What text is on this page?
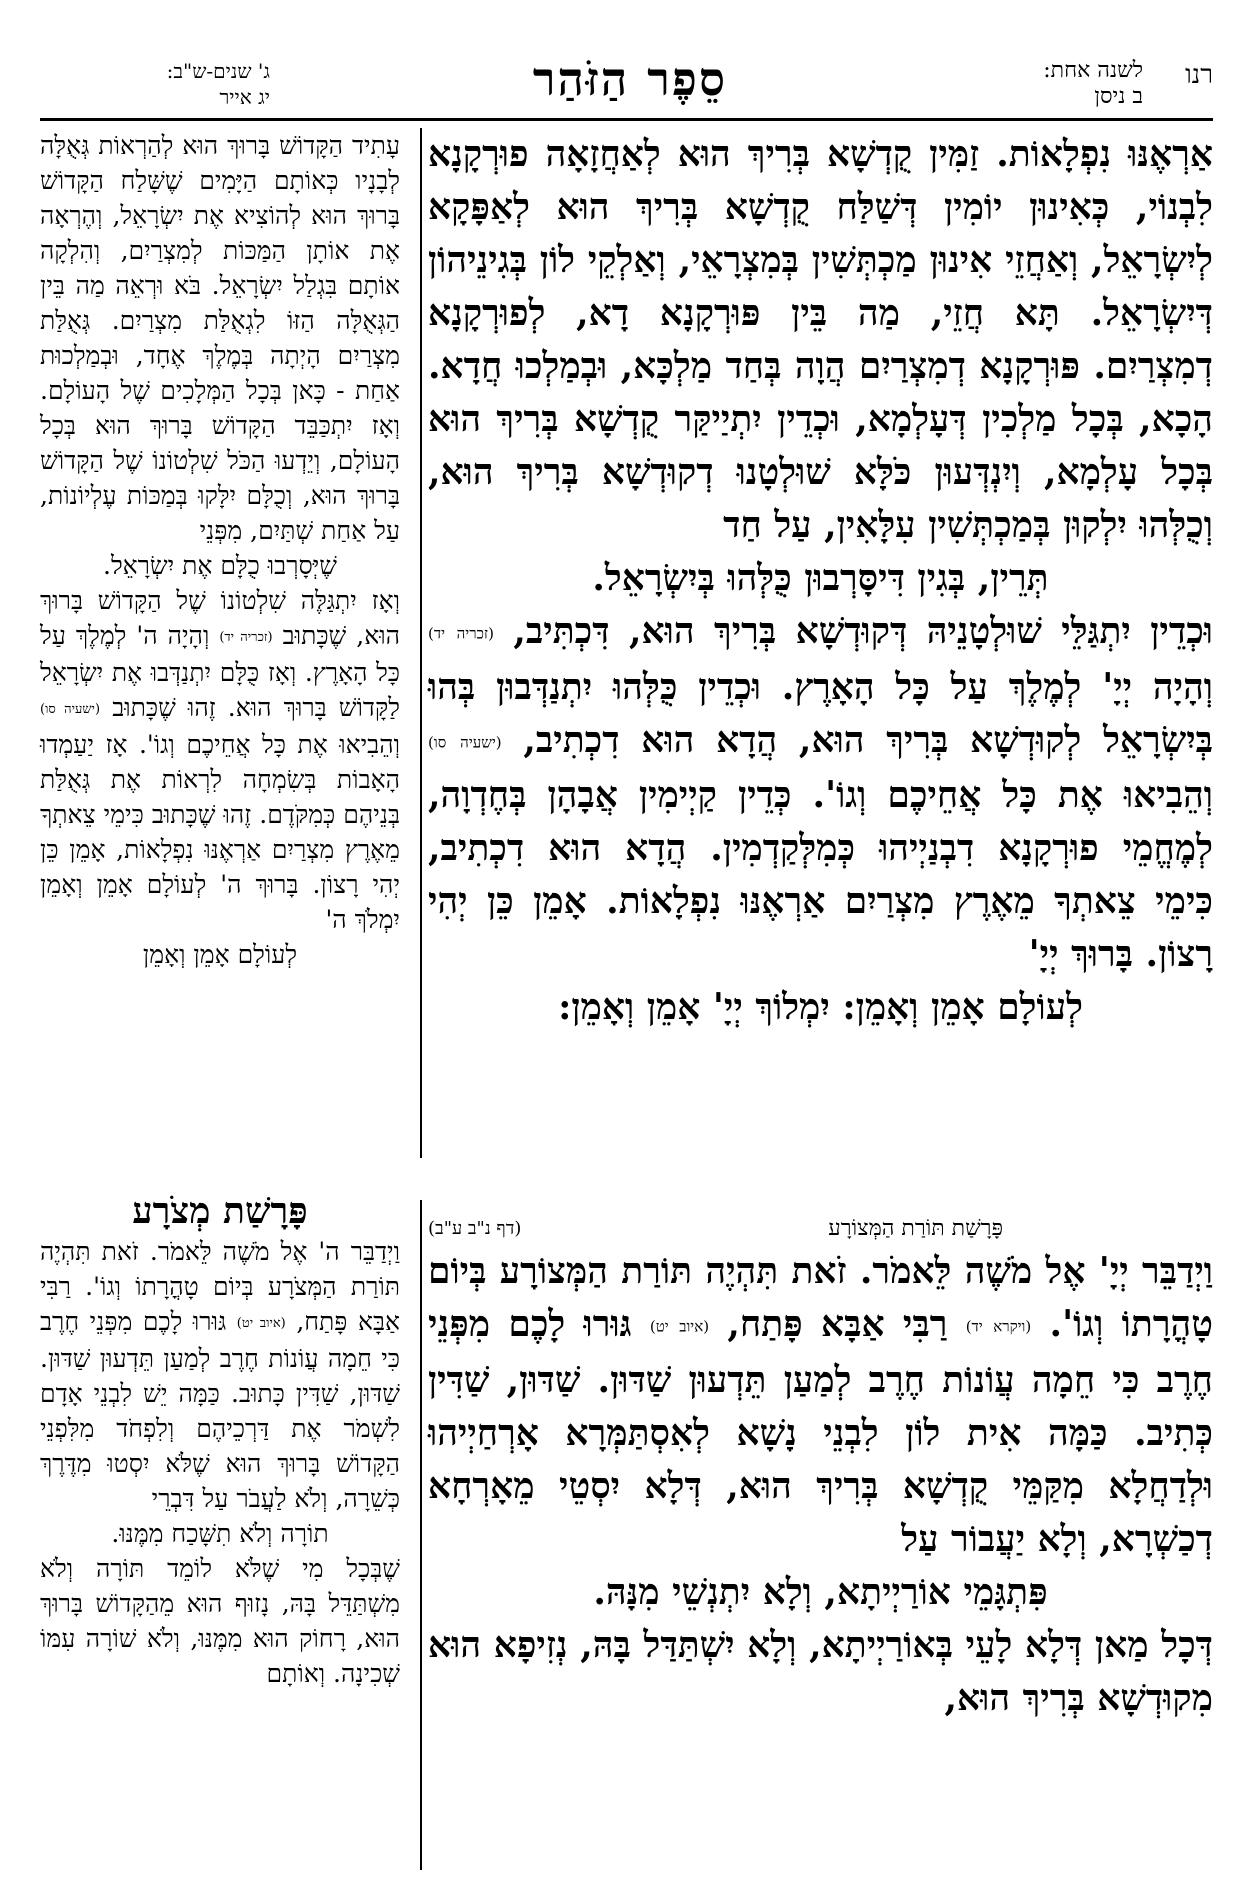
רנו
לשנה אחת:
ב ניסן
סֵפֶר הַזֹּהַר
ג' שנים-ש"ב:
יג אייר

אַרְאֶנּוּ נִפְלָאוֹת. זַמִּין קֻדְשָׁא בְּרִיךְ הוּא לְאַחֲזָאָה פוּרְקָנָא לִבְנוֹי, כְּאִינוּן יוֹמִין דְּשַׁלַּח קֻדְשָׁא בְּרִיךְ הוּא לְאַפָּקָא לְיִשְׂרָאֵל, וְאַחֲזֵי אִינוּן מַכְתְּשִׁין בְּמִצְרָאֵי, וְאַלְקֵי לוֹן בְּגִינֵיהוֹן דְּיִשְׂרָאֵל. תָּא חֲזֵי, מַה בֵּין פּוּרְקָנָא דָא, לְפוּרְקָנָא דְמִצְרַיִם. פּוּרְקָנָא דְמִצְרַיִם הֲוָה בְּחַד מַלְכָּא, וּבְמַלְכוּ חֲדָא. הָכָא, בְּכָל מַלְכִין דְּעָלְמָא, וּכְדֵין יִתְיַיקַּר קֻדְשָׁא בְּרִיךְ הוּא בְּכָל עָלְמָא, וְיִנְדְּעוּן כֹּלָּא שׁוּלְטָנוּ דְקוּדְשָׁא בְּרִיךְ הוּא, וְכֻלְּהוּ יִלְקוּן בְּמַכְתְּשִׁין עִלָּאִין, עַל חַד

תְּרֵין, בְּגִין דִּיסָּרְבוּן כֻּלְּהוּ בְּיִשְׂרָאֵל.

וּכְדֵין יִתְגַּלֵּי שׁוּלְטָנֵיהּ דְּקוּדְשָׁא בְּרִיךְ הוּא, דִּכְתִּיב, (זכריה יד) וְהָיָה יְיָ' לְמֶלֶךְ עַל כָּל הָאָרֶץ. וּכְדֵין כֻּלְּהוּ יִתְנַדְּבוּן בְּהוּ בְּיִשְׂרָאֵל לְקוּדְשָׁא בְּרִיךְ הוּא, הֲדָא הוּא דִכְתִיב, (ישעיה סו) וְהֵבִיאוּ אֶת כָּל אֲחֵיכֶם וְגוֹ'. כְּדֵין קַיְימִין אֲבָהָן בְּחֶדְוָה, לְמֶחֱמֵי פוּרְקָנָא דִבְנַיְיהוּ כְּמִלְּקַדְמִין. הֲדָא הוּא דִכְתִיב, כִּימֵי צֵאתְךָ מֵאֶרֶץ מִצְרַיִם אַרְאֶנּוּ נִפְלָאוֹת. אָמֵן כֵּן יְהִי רָצוֹן. בָּרוּךְ יְיָ'

לְעוֹלָם אָמֵן וְאָמֵן: יִמְלוֹךְ יְיָ' אָמֵן וְאָמֵן:

עָתִיד הַקָּדוֹשׁ בָּרוּךְ הוּא לְהַרְאוֹת גְּאֻלָּה לְבָנָיו כְּאוֹתָם הַיָּמִים שֶׁשָּׁלַח הַקָּדוֹשׁ בָּרוּךְ הוּא לְהוֹצִיא אֶת יִשְׂרָאֵל, וְהֶרְאָה אֶת אוֹתָן הַמַּכּוֹת לְמִצְרַיִם, וְהִלְקָה אוֹתָם בִּגְלַל יִשְׂרָאֵל. בֹּא וּרְאֵה מַה בֵּין הַגְּאֻלָּה הַזּוֹ לִגְאֻלַּת מִצְרַיִם. גְּאֻלַּת מִצְרַיִם הָיְתָה בְּמֶלֶךְ אֶחָד, וּבְמַלְכוּת אַחַת - כָּאן בְּכָל הַמְּלָכִים שֶׁל הָעוֹלָם. וְאָז יִתְכַּבֵּד הַקָּדוֹשׁ בָּרוּךְ הוּא בְּכָל הָעוֹלָם, וְיֵדְעוּ הַכֹּל שִׁלְטוֹנוֹ שֶׁל הַקָּדוֹשׁ בָּרוּךְ הוּא, וְכֻלָּם יִלָּקוּ בְּמַכּוֹת עֶלְיוֹנוֹת, עַל אַחַת שְׁתַּיִם, מִפְּנֵי

שֶׁיְּסָרְבוּ כֻלָּם אֶת יִשְׂרָאֵל.

וְאָז יִתְגַּלֶּה שִׁלְטוֹנוֹ שֶׁל הַקָּדוֹשׁ בָּרוּךְ הוּא, שֶׁכָּתוּב (זכריה יד) וְהָיָה ה' לְמֶלֶךְ עַל כָּל הָאָרֶץ. וְאָז כֻּלָּם יִתְנַדְּבוּ אֶת יִשְׂרָאֵל לַקָּדוֹשׁ בָּרוּךְ הוּא. זֶהוּ שֶׁכָּתוּב (ישעיה סו) וְהֵבִיאוּ אֶת כָּל אֲחֵיכֶם וְגוֹ'. אָז יַעַמְדוּ הָאָבוֹת בְּשִׂמְחָה לִרְאוֹת אֶת גְּאֻלַּת בְּנֵיהֶם כְּמִקֹּדֶם. זֶהוּ שֶׁכָּתוּב כִּימֵי צֵאתְךָ מֵאֶרֶץ מִצְרַיִם אַרְאֶנּוּ נִפְלָאוֹת, אָמֵן כֵּן יְהִי רָצוֹן. בָּרוּךְ ה' לְעוֹלָם אָמֵן וְאָמֵן יִמְלֹךְ ה'

לְעוֹלָם אָמֵן וְאָמֵן

פָּרָשַׁת תּוֹרַת הַמְּצוֹרָע
(דף נ"ב ע"ב)

וַיְדַבֵּר יְיָ' אֶל מֹשֶׁה לֵּאמֹר. זֹאת תִּהְיֶה תּוֹרַת הַמְּצוֹרָע בְּיוֹם טָהֳרָתוֹ וְגוֹ'. (ויקרא יד) רַבִּי אַבָּא פָּתַח, (איוב יט) גּוּרוּ לָכֶם מִפְּנֵי חֶרֶב כִּי חֵמָה עֲוֹנוֹת חֶרֶב לְמַעַן תֵּדְעוּן שַׁדּוּן. שַׁדּוּן, שַׁדִּין כְּתִיב. כַּמָּה אִית לוֹן לִבְנֵי נָשָׁא לְאִסְתַּמְּרָא אָרְחַיְיהוּ וּלְדַחֲלָא מִקַּמֵּי קֻדְשָׁא בְּרִיךְ הוּא, דְּלָא יִסְטֵי מֵאָרְחָא דְכַשְׁרָא, וְלָא יַעֲבוֹר עַל

פִּתְגָּמֵי אוֹרַיְיתָא, וְלָא יִתְנְשֵׁי מִנָּהּ.

דְּכָל מַאן דְּלָא לָעֵי בְּאוֹרַיְיתָא, וְלָא יִשְׁתַּדַּל בָּהּ, נְזִיפָא הוּא מִקוּדְשָׁא בְּרִיךְ הוּא,

פָּרָשַׁת מְצֹרָע

וַיְדַבֵּר ה' אֶל מֹשֶׁה לֵּאמֹר. זֹאת תִּהְיֶה תּוֹרַת הַמְּצֹרָע בְּיוֹם טָהֳרָתוֹ וְגוֹ'. רַבִּי אַבָּא פָּתַח, (איוב יט) גּוּרוּ לָכֶם מִפְּנֵי חֶרֶב כִּי חֵמָה עֲוֹנוֹת חֶרֶב לְמַעַן תֵּדְעוּן שַׁדּוּן. שַׁדּוּן, שַׁדִּין כָּתוּב. כַּמָּה יֵשׁ לִבְנֵי אָדָם לִשְׁמֹר אֶת דַּרְכֵיהֶם וְלִפְחֹד מִלִּפְנֵי הַקָּדוֹשׁ בָּרוּךְ הוּא שֶׁלֹּא יִסְטוּ מִדֶּרֶךְ כְּשֵׁרָה, וְלֹא לַעֲבֹר עַל דִּבְרֵי

תוֹרָה וְלֹא תִשָּׁכַח מִמֶּנּוּ.

שֶׁבְּכָל מִי שֶׁלֹּא לוֹמֵד תּוֹרָה וְלֹא מִשְׁתַּדֵּל בָּהּ, נָזוּף הוּא מֵהַקָּדוֹשׁ בָּרוּךְ הוּא, רָחוֹק הוּא מִמֶּנּוּ, וְלֹא שׁוֹרָה עִמּוֹ שְׁכִינָה. וְאוֹתָם
